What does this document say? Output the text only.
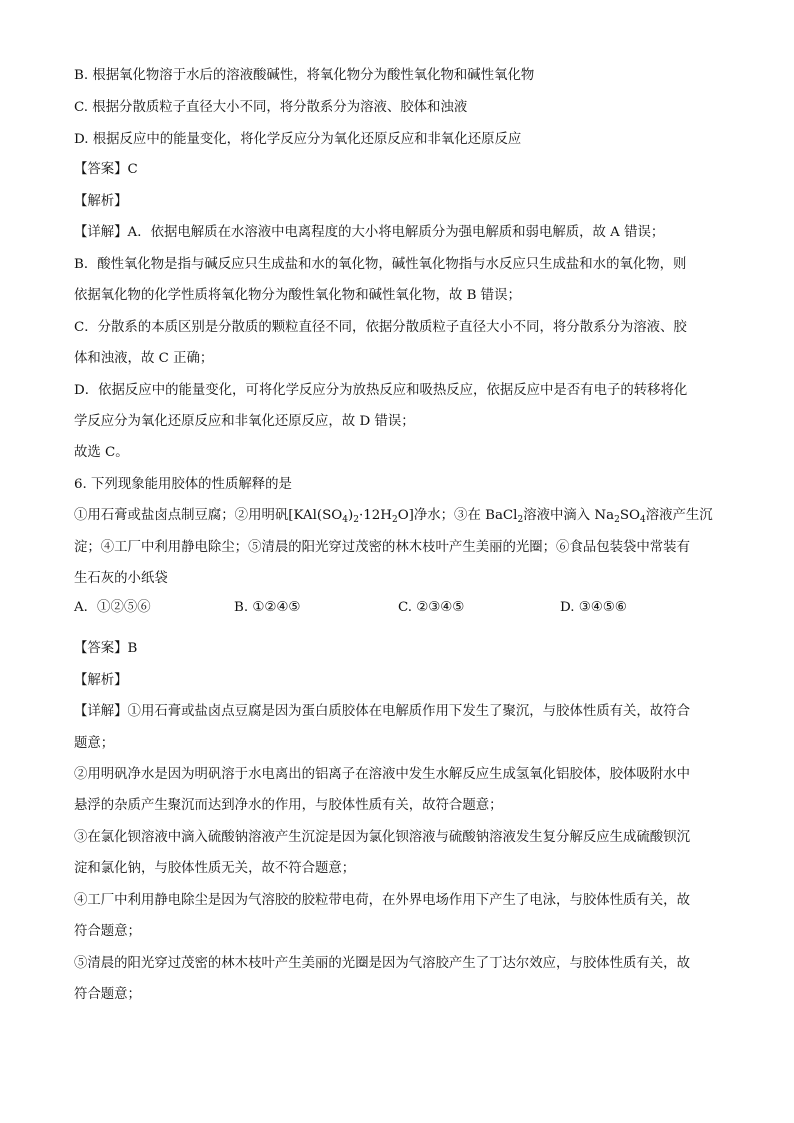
B. 根据氧化物溶于水后的溶液酸碱性，将氧化物分为酸性氧化物和碱性氧化物
C. 根据分散质粒子直径大小不同，将分散系分为溶液、胶体和浊液
D. 根据反应中的能量变化，将化学反应分为氧化还原反应和非氧化还原反应
【答案】C
【解析】
【详解】A．依据电解质在水溶液中电离程度的大小将电解质分为强电解质和弱电解质，故 A 错误；
B．酸性氧化物是指与碱反应只生成盐和水的氧化物，碱性氧化物指与水反应只生成盐和水的氧化物，则
依据氧化物的化学性质将氧化物分为酸性氧化物和碱性氧化物，故 B 错误；
C．分散系的本质区别是分散质的颗粒直径不同，依据分散质粒子直径大小不同，将分散系分为溶液、胶
体和浊液，故 C 正确；
D．依据反应中的能量变化，可将化学反应分为放热反应和吸热反应，依据反应中是否有电子的转移将化
学反应分为氧化还原反应和非氧化还原反应，故 D 错误；
故选 C。
6. 下列现象能用胶体的性质解释的是
①用石膏或盐卤点制豆腐；②用明矾$[KAl(SO_4)_2\cdot 12H_2O]$净水；③在 BaCl$_2$溶液中滴入 $Na_2SO_4$溶液产生沉
淀；④工厂中利用静电除尘；⑤清晨的阳光穿过茂密的林木枝叶产生美丽的光圈；⑥食品包装袋中常装有
生石灰的小纸袋
A．①②⑤⑥	B. ①②④⑤	C. ②③④⑤	D. ③④⑤⑥
【答案】B
【解析】
【详解】①用石膏或盐卤点豆腐是因为蛋白质胶体在电解质作用下发生了聚沉，与胶体性质有关，故符合
题意；
②用明矾净水是因为明矾溶于水电离出的铝离子在溶液中发生水解反应生成氢氧化铝胶体，胶体吸附水中
悬浮的杂质产生聚沉而达到净水的作用，与胶体性质有关，故符合题意；
③在氯化钡溶液中滴入硫酸钠溶液产生沉淀是因为氯化钡溶液与硫酸钠溶液发生复分解反应生成硫酸钡沉
淀和氯化钠，与胶体性质无关，故不符合题意；
④工厂中利用静电除尘是因为气溶胶的胶粒带电荷，在外界电场作用下产生了电泳，与胶体性质有关，故
符合题意；
⑤清晨的阳光穿过茂密的林木枝叶产生美丽的光圈是因为气溶胶产生了丁达尔效应，与胶体性质有关，故
符合题意；
